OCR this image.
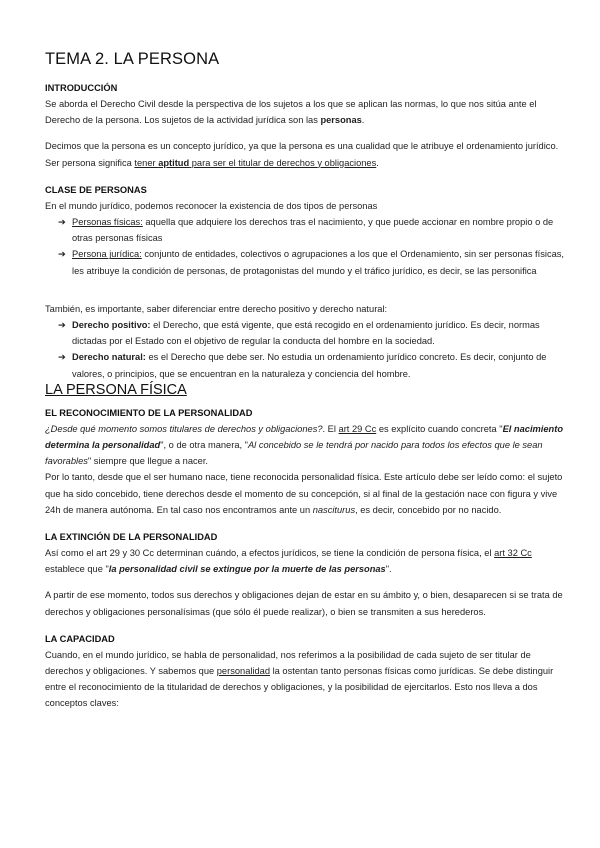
TEMA 2. LA PERSONA
INTRODUCCIÓN

Se aborda el Derecho Civil desde la perspectiva de los sujetos a los que se aplican las normas, lo que nos sitúa ante el Derecho de la persona. Los sujetos de la actividad jurídica son las personas.

Decimos que la persona es un concepto jurídico, ya que la persona es una cualidad que le atribuye el ordenamiento jurídico. Ser persona significa tener aptitud para ser el titular de derechos y obligaciones.

CLASE DE PERSONAS

En el mundo jurídico, podemos reconocer la existencia de dos tipos de personas

➔ Personas físicas: aquella que adquiere los derechos tras el nacimiento, y que puede accionar en nombre propio o de otras personas físicas
➔ Persona jurídica: conjunto de entidades, colectivos o agrupaciones a los que el Ordenamiento, sin ser personas físicas, les atribuye la condición de personas, de protagonistas del mundo y el tráfico jurídico, es decir, se las personifica

También, es importante, saber diferenciar entre derecho positivo y derecho natural:

➔ Derecho positivo: el Derecho, que está vigente, que está recogido en el ordenamiento jurídico. Es decir, normas dictadas por el Estado con el objetivo de regular la conducta del hombre en la sociedad.
➔ Derecho natural: es el Derecho que debe ser. No estudia un ordenamiento jurídico concreto. Es decir, conjunto de valores, o principios, que se encuentran en la naturaleza y conciencia del hombre.
LA PERSONA FÍSICA
EL RECONOCIMIENTO DE LA PERSONALIDAD

¿Desde qué momento somos titulares de derechos y obligaciones?. El art 29 Cc es explícito cuando concreta "El nacimiento determina la personalidad", o de otra manera, "Al concebido se le tendrá por nacido para todos los efectos que le sean favorables" siempre que llegue a nacer.

Por lo tanto, desde que el ser humano nace, tiene reconocida personalidad física. Este artículo debe ser leído como: el sujeto que ha sido concebido, tiene derechos desde el momento de su concepción, si al final de la gestación nace con figura y vive 24h de manera autónoma. En tal caso nos encontramos ante un nasciturus, es decir, concebido por no nacido.

LA EXTINCIÓN DE LA PERSONALIDAD

Así como el art 29 y 30 Cc determinan cuándo, a efectos jurídicos, se tiene la condición de persona física, el art 32 Cc establece que "la personalidad civil se extingue por la muerte de las personas".

A partir de ese momento, todos sus derechos y obligaciones dejan de estar en su ámbito y, o bien, desaparecen si se trata de derechos y obligaciones personalísimas (que sólo él puede realizar), o bien se transmiten a sus herederos.

LA CAPACIDAD

Cuando, en el mundo jurídico, se habla de personalidad, nos referimos a la posibilidad de cada sujeto de ser titular de derechos y obligaciones. Y sabemos que personalidad la ostentan tanto personas físicas como jurídicas. Se debe distinguir entre el reconocimiento de la titularidad de derechos y obligaciones, y la posibilidad de ejercitarlos. Esto nos lleva a dos conceptos claves:
